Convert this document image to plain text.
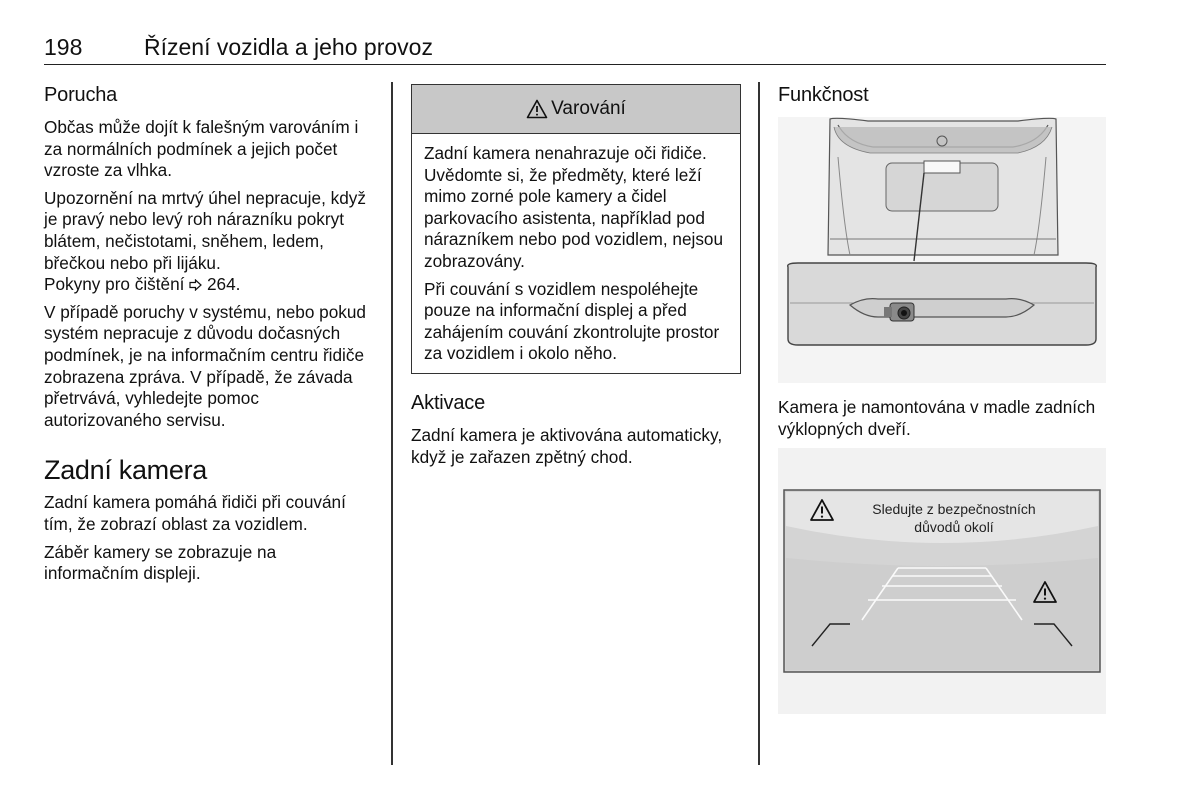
198	Řízení vozidla a jeho provoz
Porucha

Občas může dojít k falešným varováním i za normálních podmínek a jejich počet vzroste za vlhka.

Upozornění na mrtvý úhel nepracuje, když je pravý nebo levý roh nárazníku pokryt blátem, nečistotami, sněhem, ledem, břečkou nebo při lijáku.
Pokyny pro čištění 264.

V případě poruchy v systému, nebo pokud systém nepracuje z důvodu dočasných podmínek, je na informačním centru řidiče zobrazena zpráva. V případě, že závada přetrvává, vyhledejte pomoc autorizovaného servisu.

Zadní kamera

Zadní kamera pomáhá řidiči při couvání tím, že zobrazí oblast za vozidlem.

Záběr kamery se zobrazuje na informačním displeji.

Varování

Zadní kamera nenahrazuje oči řidiče. Uvědomte si, že předměty, které leží mimo zorné pole kamery a čidel parkovacího asistenta, například pod nárazníkem nebo pod vozidlem, nejsou zobrazovány.

Při couvání s vozidlem nespoléhejte pouze na informační displej a před zahájením couvání zkontrolujte prostor za vozidlem i okolo něho.

Aktivace

Zadní kamera je aktivována automaticky, když je zařazen zpětný chod.

Funkčnost

Kamera je namontována v madle zadních výklopných dveří.

Sledujte z bezpečnostních
důvodů okolí
